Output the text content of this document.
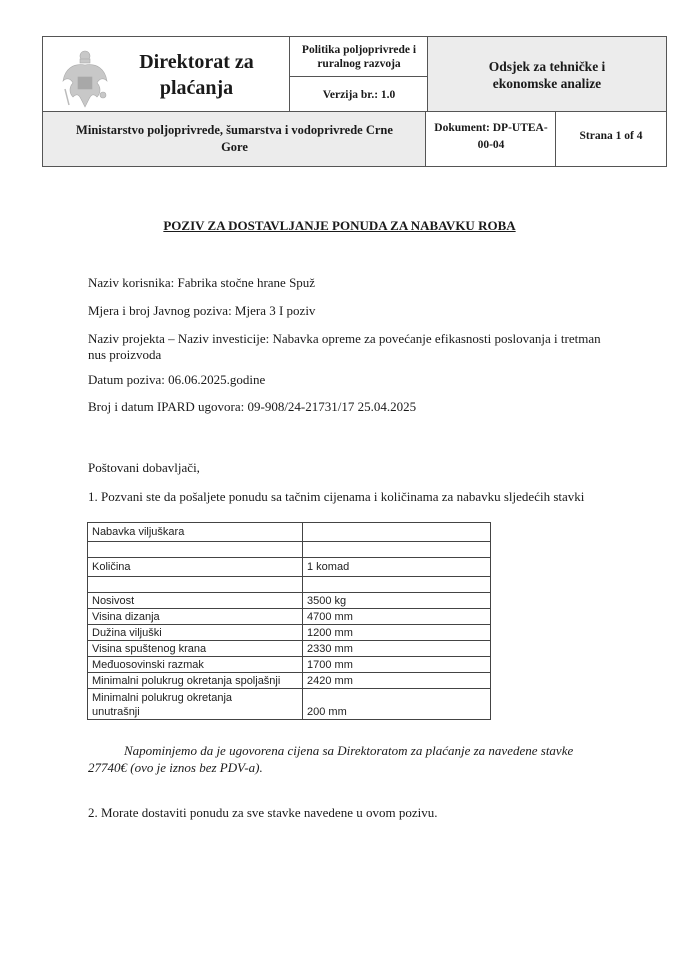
Direktorat za
plaćanja
Politika poljoprivrede i
ruralnog razvoja
Verzija br.: 1.0
Odsjek za tehničke i
ekonomske analize
Ministarstvo poljoprivrede, šumarstva i vodoprivrede Crne
Gore
Dokument: DP-UTEA-
00-04
Strana 1 of 4
POZIV ZA DOSTAVLJANJE PONUDA ZA NABAVKU ROBA
Naziv korisnika: Fabrika stočne hrane Spuž
Mjera i broj Javnog poziva: Mjera 3 I poziv
Naziv projekta – Naziv investicije: Nabavka opreme za povećanje efikasnosti poslovanja i tretman
nus proizvoda
Datum poziva: 06.06.2025.godine
Broj i datum IPARD ugovora: 09-908/24-21731/17 25.04.2025
Poštovani dobavljači,
1. Pozvani ste da pošaljete ponudu sa tačnim cijenama i količinama za nabavku sljedećih stavki
Nabavka viljuškara	

Količina	1 komad

Nosivost	3500 kg
Visina dizanja	4700 mm
Dužina viljuški	1200 mm
Visina spuštenog krana	2330 mm
Međuosovinski razmak	1700 mm
Minimalni polukrug okretanja spoljašnji	2420 mm

Minimalni polukrug okretanja
unutrašnji	200 mm
Napominjemo da je ugovorena cijena sa Direktoratom za plaćanje za navedene stavke
27740€ (ovo je iznos bez PDV-a).
2. Morate dostaviti ponudu za sve stavke navedene u ovom pozivu.
